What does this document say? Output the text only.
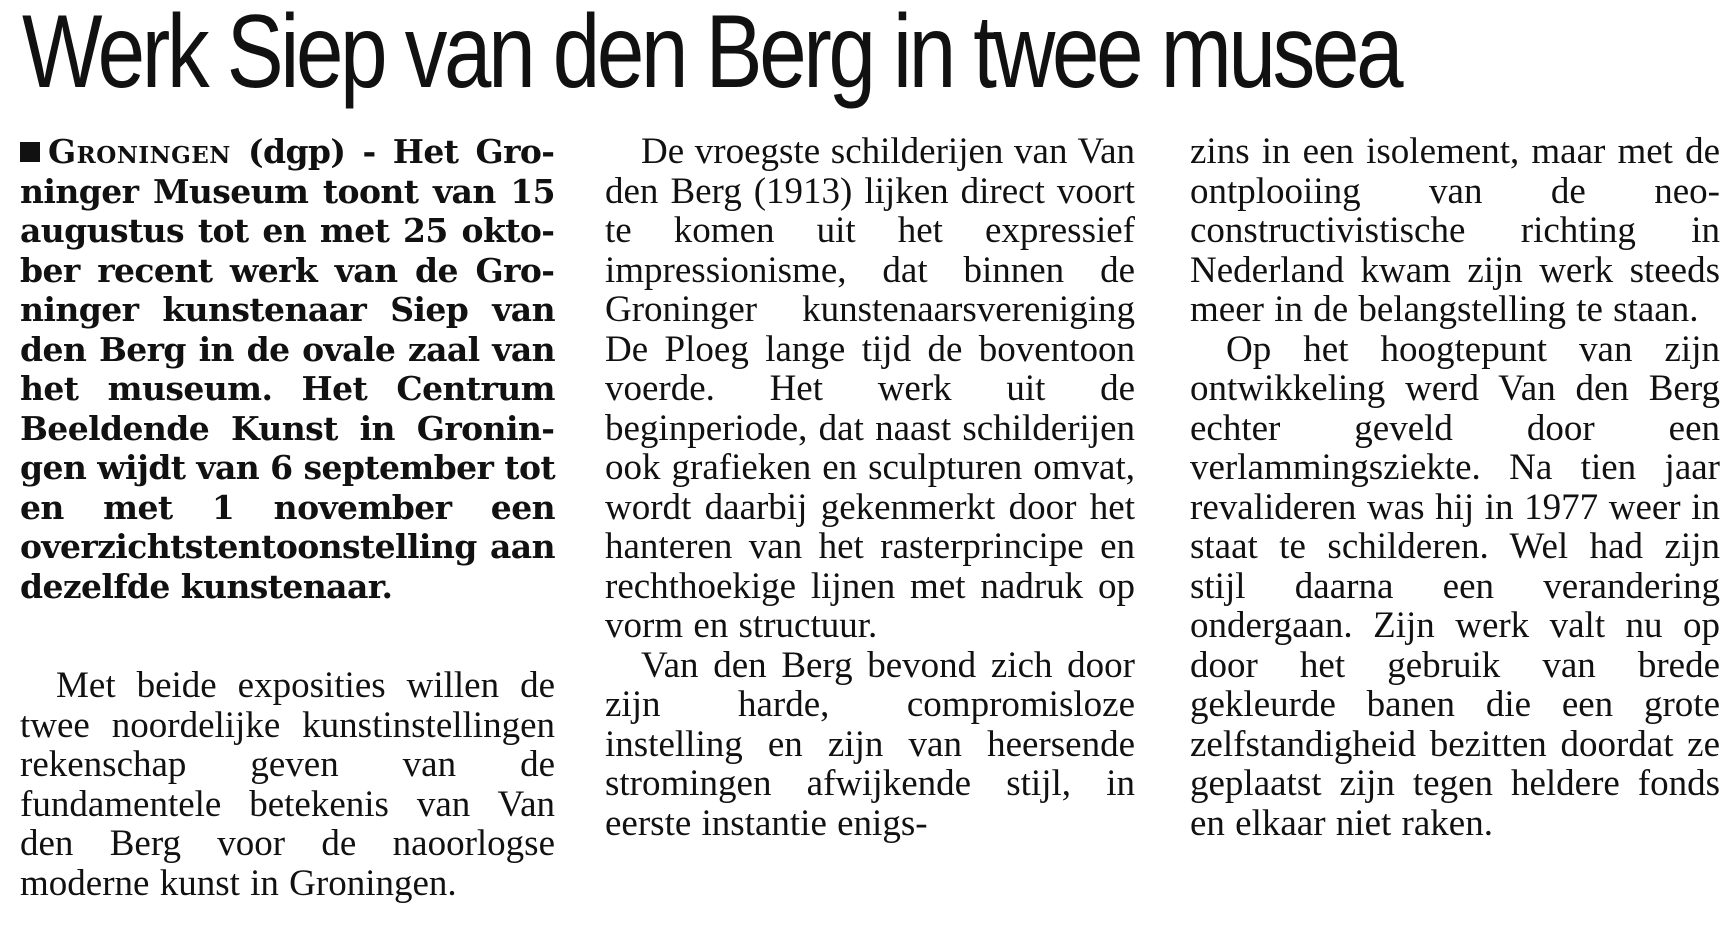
Werk Siep van den Berg in twee musea

Groningen (dgp) - Het Groninger Museum toont van 15 augustus tot en met 25 oktober recent werk van de Groninger kunstenaar Siep van den Berg in de ovale zaal van het museum. Het Centrum Beeldende Kunst in Groningen wijdt van 6 september tot en met 1 november een overzichtstentoonstelling aan dezelfde kunstenaar.

Met beide exposities willen de twee noordelijke kunstinstellingen rekenschap geven van de fundamentele betekenis van Van den Berg voor de naoorlogse moderne kunst in Groningen.

De vroegste schilderijen van Van den Berg (1913) lijken direct voort te komen uit het expressief impressionisme, dat binnen de Groninger kunstenaarsvereniging De Ploeg lange tijd de boventoon voerde. Het werk uit de beginperiode, dat naast schilderijen ook grafieken en sculpturen omvat, wordt daarbij gekenmerkt door het hanteren van het rasterprincipe en rechthoekige lijnen met nadruk op vorm en structuur.

Van den Berg bevond zich door zijn harde, compromisloze instelling en zijn van heersende stromingen afwijkende stijl, in eerste instantie enigs-

zins in een isolement, maar met de ontplooiing van de neo-constructivistische richting in Nederland kwam zijn werk steeds meer in de belangstelling te staan.

Op het hoogtepunt van zijn ontwikkeling werd Van den Berg echter geveld door een verlammingsziekte. Na tien jaar revalideren was hij in 1977 weer in staat te schilderen. Wel had zijn stijl daarna een verandering ondergaan. Zijn werk valt nu op door het gebruik van brede gekleurde banen die een grote zelfstandigheid bezitten doordat ze geplaatst zijn tegen heldere fonds en elkaar niet raken.
